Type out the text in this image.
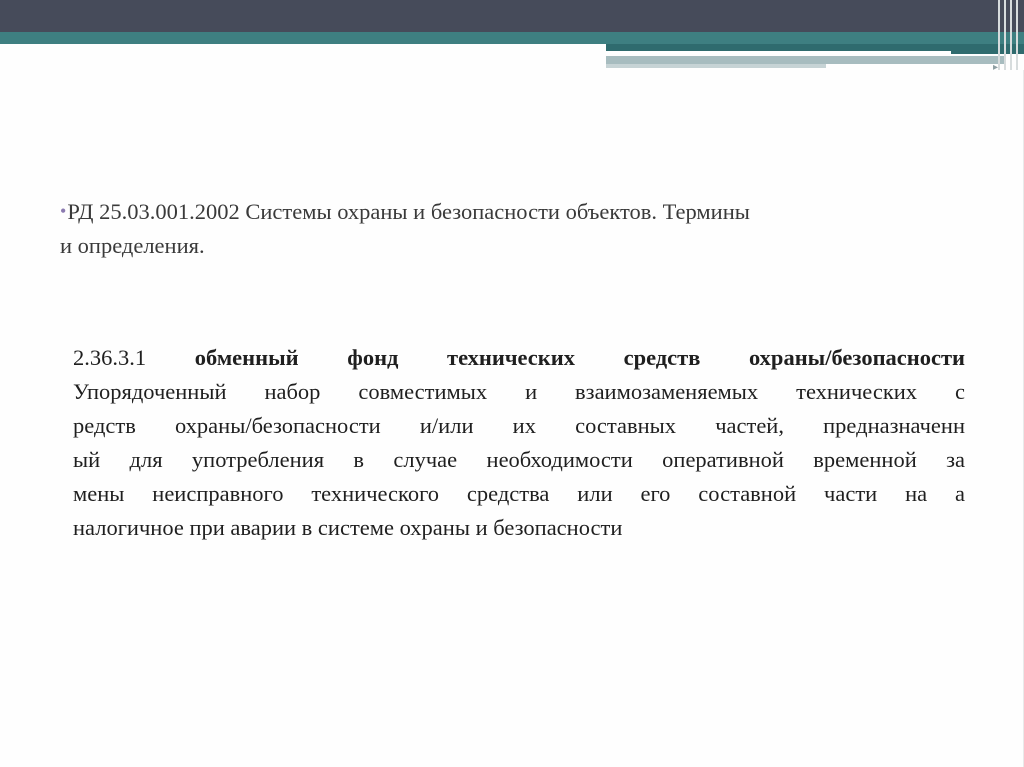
▸
•РД 25.03.001.2002 Системы охраны и безопасности объектов. Термины
и определения.
2.36.3.1 обменный фонд технических средств охраны/безопасности
Упорядоченный набор совместимых и взаимозаменяемых технических с
редств охраны/безопасности и/или их составных частей, предназначенн
ый для употребления в случае необходимости оперативной временной за
мены неисправного технического средства или его составной части на а
налогичное при аварии в системе охраны и безопасности
